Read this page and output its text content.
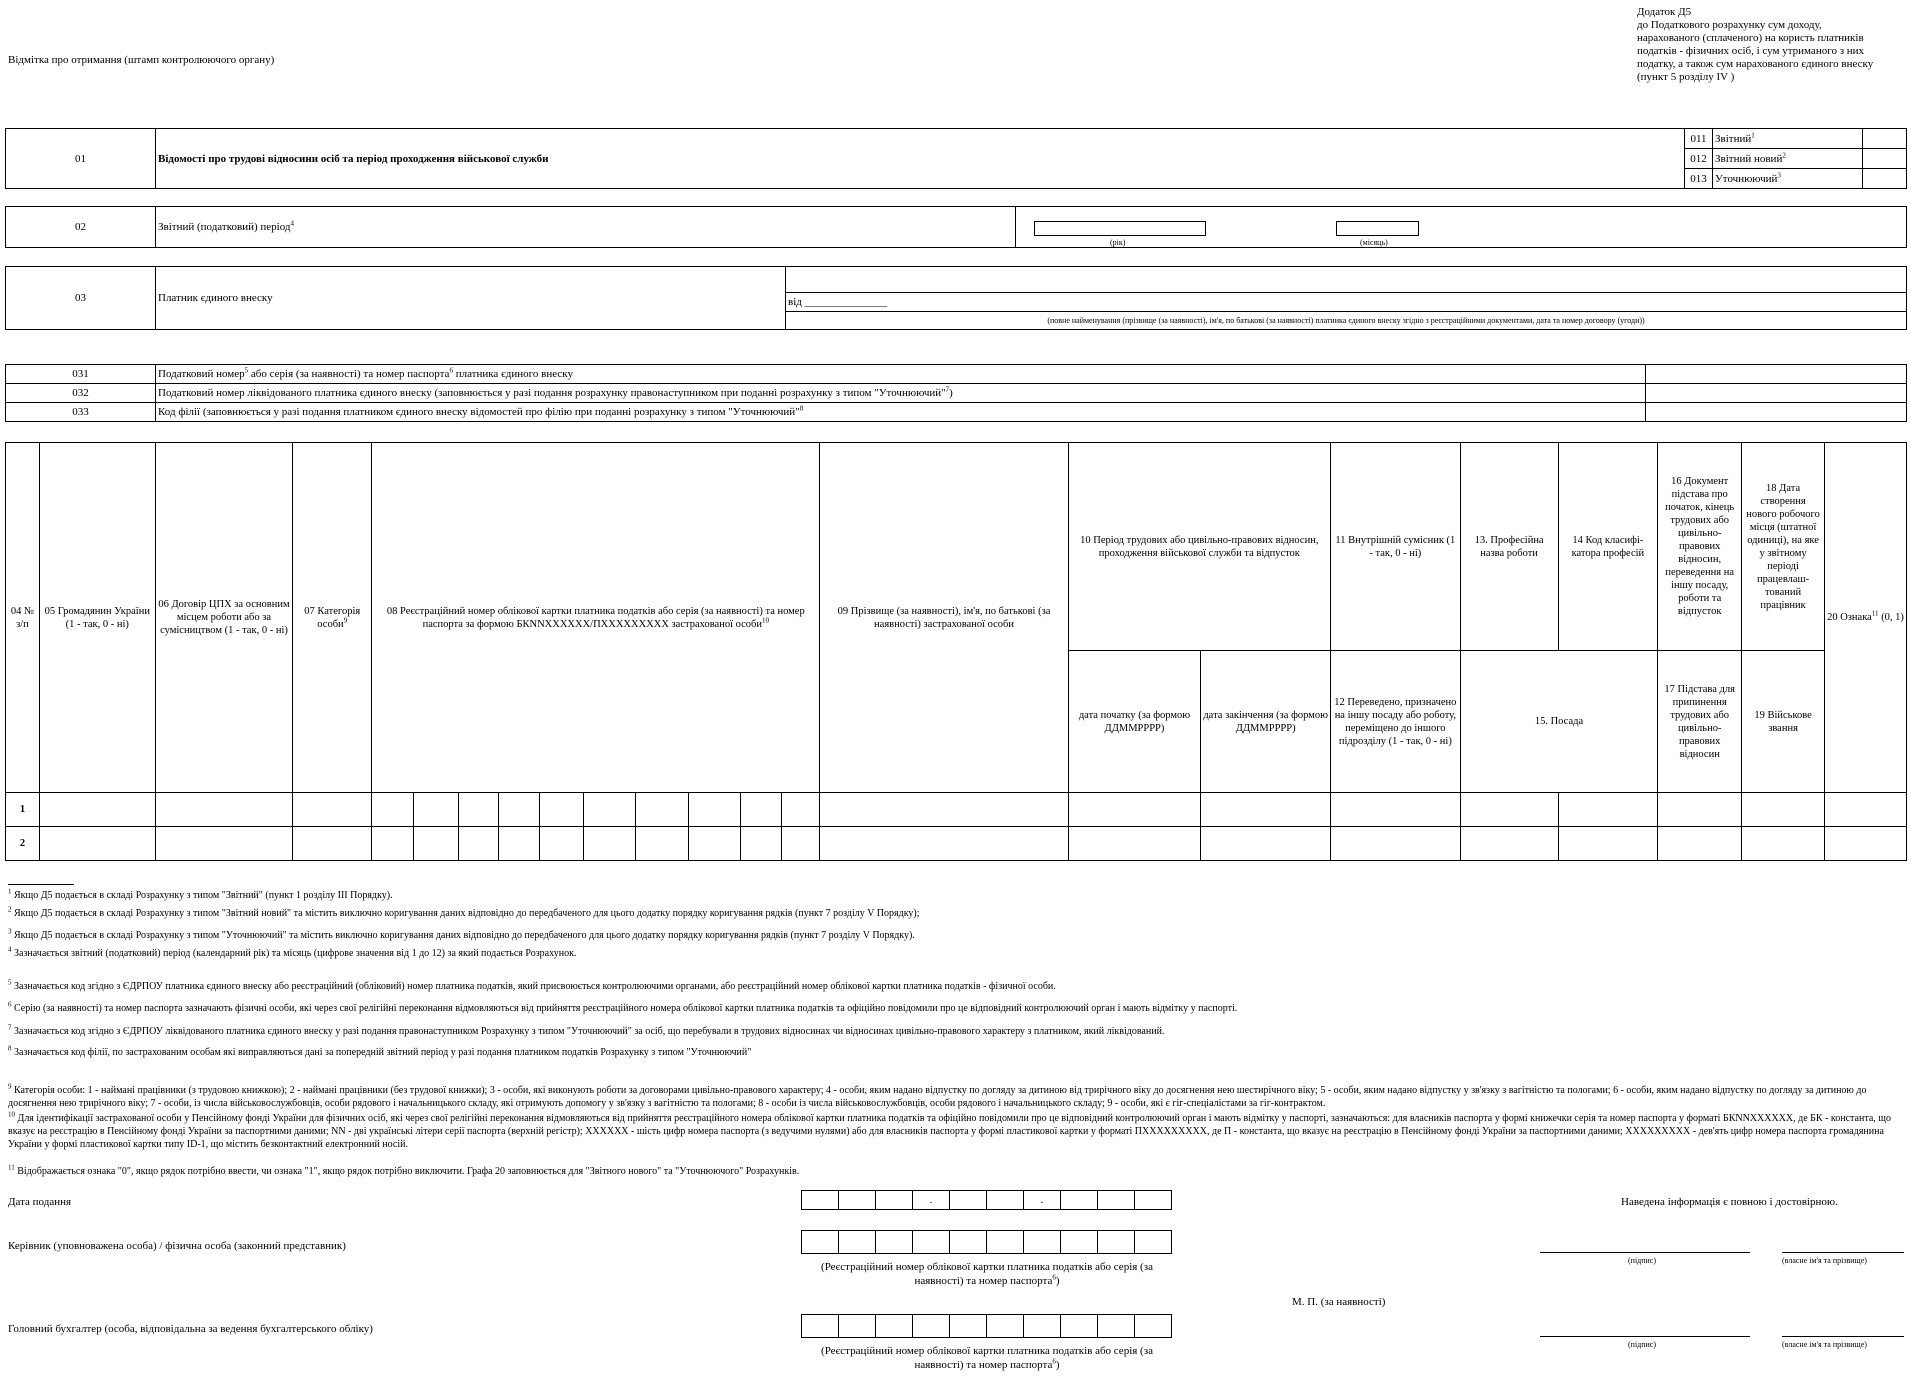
Відмітка про отримання (штамп контролюючого органу)
Додаток Д5
до Податкового розрахунку сум доходу,
нарахованого (сплаченого) на користь платників
податків - фізичних осіб, і сум утриманого з них
податку, а також сум нарахованого єдиного внеску
(пункт 5 розділу IV )
01	Відомості про трудові відносини осіб та період проходження військової служби	011	Звітний$^1$	
		012	Звітний новий$^2$	
		013	Уточнюючий$^3$	
02	Звітний (податковий) період$^4$	
(рік)	(місяць)
03	Платник єдиного внеску	
від _______________
(повне найменування (прізвище (за наявності), ім'я, по батькові (за наявності) платника єдиного внеску згідно з реєстраційними документами, дата та номер договору (угоди))
031	Податковий номер$^5$ або серія (за наявності) та номер паспорта$^6$ платника єдиного внеску	
032	Податковий номер ліквідованого платника єдиного внеску (заповнюється у разі подання розрахунку правонаступником при поданні розрахунку з типом "Уточнюючий"$^7$)	
033	Код філії (заповнюється у разі подання платником єдиного внеску відомостей про філію при поданні розрахунку з типом "Уточнюючий"$^8$	
04 № з/п	05 Громадянин України (1 - так, 0 - ні)	06 Договір ЦПХ за основним місцем роботи або за сумісництвом (1 - так, 0 - ні)	07 Категорія особи$^9$	08 Реєстраційний номер облікової картки платника податків або серія (за наявності) та номер паспорта за формою БКNNХХХХХХ/ПХХХХХХХХХ застрахованої особи$^{10}$										09 Прізвище (за наявності), ім'я, по батькові (за наявності) застрахованої особи	10 Період трудових або цивільно-правових відносин, проходження військової служби та відпусток		11 Внутрішній сумісник (1 - так, 0 - ні)	13. Професійна назва роботи	14 Код класифі-катора професій	16 Документ підстава про початок, кінець трудових або цивільно-правових відносин, переведення на іншу посаду, роботи та відпусток	18 Дата створення нового робочого місця (штатної одиниці), на яке у звітному періоді працевлаш-тований працівник	20 Ознака$^{11}$ (0, 1)
															дата початку (за формою ДДММРРРР)	дата закінчення (за формою ДДММРРРР)	12 Переведено, призначено на іншу посаду або роботу, переміщено до іншого підрозділу (1 - так, 0 - ні)	15. Посада		17 Підстава для припинення трудових або цивільно-правових відносин	19 Військове звання	
1																						
2																						
$^1$ Якщо Д5 подається в складі Розрахунку з типом "Звітний" (пункт 1 розділу ІІІ Порядку).
$^2$ Якщо Д5 подається в складі Розрахунку з типом "Звітний новий" та містить виключно коригування даних відповідно до передбаченого для цього додатку порядку коригування рядків (пункт 7 розділу V Порядку);
$^3$ Якщо Д5 подається в складі Розрахунку з типом "Уточнюючий" та містить виключно коригування даних відповідно до передбаченого для цього додатку порядку коригування рядків (пункт 7 розділу V Порядку).
$^4$ Зазначається звітний (податковий) період (календарний рік) та місяць (цифрове значення від 1 до 12) за який подається Розрахунок.
$^5$ Зазначається код згідно з ЄДРПОУ платника єдиного внеску або реєстраційний (обліковий) номер платника податків, який присвоюється контролюючими органами, або реєстраційний номер облікової картки платника податків - фізичної особи.
$^6$ Серію (за наявності) та номер паспорта зазначають фізичні особи, які через свої релігійні переконання відмовляються від прийняття реєстраційного номера облікової картки платника податків та офіційно повідомили про це відповідний контролюючий орган і мають відмітку у паспорті.
$^7$ Зазначається код згідно з ЄДРПОУ ліквідованого платника єдиного внеску у разі подання правонаступником Розрахунку з типом "Уточнюючий" за осіб, що перебували в трудових відносинах чи відносинах цивільно-правового характеру з платником, який ліквідований.
$^8$ Зазначається код філії, по застрахованим особам які виправляються дані за попередній звітний період у разі подання платником податків Розрахунку з типом "Уточнюючий"
$^9$ Категорія особи: 1 - наймані працівники (з трудовою книжкою); 2 - наймані працівники (без трудової книжки); 3 - особи, які виконують роботи за договорами цивільно-правового характеру; 4 - особи, яким надано відпустку по догляду за дитиною від трирічного віку до досягнення нею шестирічного віку; 5 - особи, яким надано відпустку у зв'язку з вагітністю та пологами; 6 - особи, яким надано відпустку по догляду за дитиною до досягнення нею трирічного віку; 7 - особи, із числа військовослужбовців, особи рядового і начальницького складу, які отримують допомогу у зв'язку з вагітністю та пологами; 8 - особи із числа військовослужбовців, особи рядового і начальницького складу; 9 - особи, які є гіг-спеціалістами за гіг-контрактом.
$^{10}$ Для ідентифікації застрахованої особи у Пенсійному фонді України для фізичних осіб, які через свої релігійні переконання відмовляються від прийняття реєстраційного номера облікової картки платника податків та офіційно повідомили про це відповідний контролюючий орган і мають відмітку у паспорті, зазначаються: для власників паспорта у формі книжечки серія та номер паспорта у форматі БКNNХХХХХХ, де БК - константа, що вказує на реєстрацію в Пенсійному фонді України за паспортними даними; NN - дві українські літери серії паспорта (верхній регістр); ХХХХХХ - шість цифр номера паспорта (з ведучими нулями) або для власників паспорта у формі пластикової картки у форматі ПХХХХХХХХХ, де П - константа, що вказує на реєстрацію в Пенсійному фонді України за паспортними даними; ХХХХХХХХХ - дев'ять цифр номера паспорта громадянина України у формі пластикової картки типу ID-1, що містить безконтактний електронний носій.
$^{11}$ Відображається ознака "0", якщо рядок потрібно ввести, чи ознака "1", якщо рядок потрібно виключити. Графа 20 заповнюється для "Звітного нового" та "Уточнюючого" Розрахунків.
Дата подання	.	.	Наведена інформація є повною і достовірною.
Керівник (уповноважена особа) / фізична особа (законний представник)
(Реєстраційний номер облікової картки платника податків або серія (за наявності) та номер паспорта$^6$)
(підпис)	(власне ім'я та прізвище)
М. П. (за наявності)
Головний бухгалтер (особа, відповідальна за ведення бухгалтерського обліку)
(Реєстраційний номер облікової картки платника податків або серія (за наявності) та номер паспорта$^6$)
(підпис)	(власне ім'я та прізвище)
